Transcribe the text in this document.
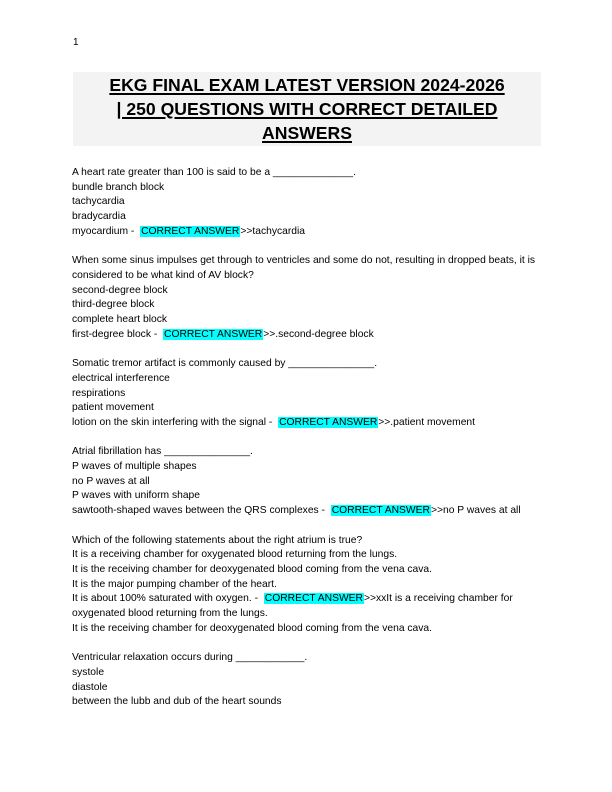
1
EKG FINAL EXAM LATEST VERSION 2024-2026
| 250 QUESTIONS WITH CORRECT DETAILED
ANSWERS
A heart rate greater than 100 is said to be a ______________.
bundle branch block
tachycardia
bradycardia
myocardium - CORRECT ANSWER>>tachycardia
When some sinus impulses get through to ventricles and some do not, resulting in dropped beats, it is considered to be what kind of AV block?
second-degree block
third-degree block
complete heart block
first-degree block - CORRECT ANSWER>>.second-degree block
Somatic tremor artifact is commonly caused by _______________.
electrical interference
respirations
patient movement
lotion on the skin interfering with the signal - CORRECT ANSWER>>.patient movement
Atrial fibrillation has _______________.
P waves of multiple shapes
no P waves at all
P waves with uniform shape
sawtooth-shaped waves between the QRS complexes - CORRECT ANSWER>>no P waves at all
Which of the following statements about the right atrium is true?
It is a receiving chamber for oxygenated blood returning from the lungs.
It is the receiving chamber for deoxygenated blood coming from the vena cava.
It is the major pumping chamber of the heart.
It is about 100% saturated with oxygen. - CORRECT ANSWER>>xxIt is a receiving chamber for oxygenated blood returning from the lungs.
It is the receiving chamber for deoxygenated blood coming from the vena cava.
Ventricular relaxation occurs during ____________.
systole
diastole
between the lubb and dub of the heart sounds
